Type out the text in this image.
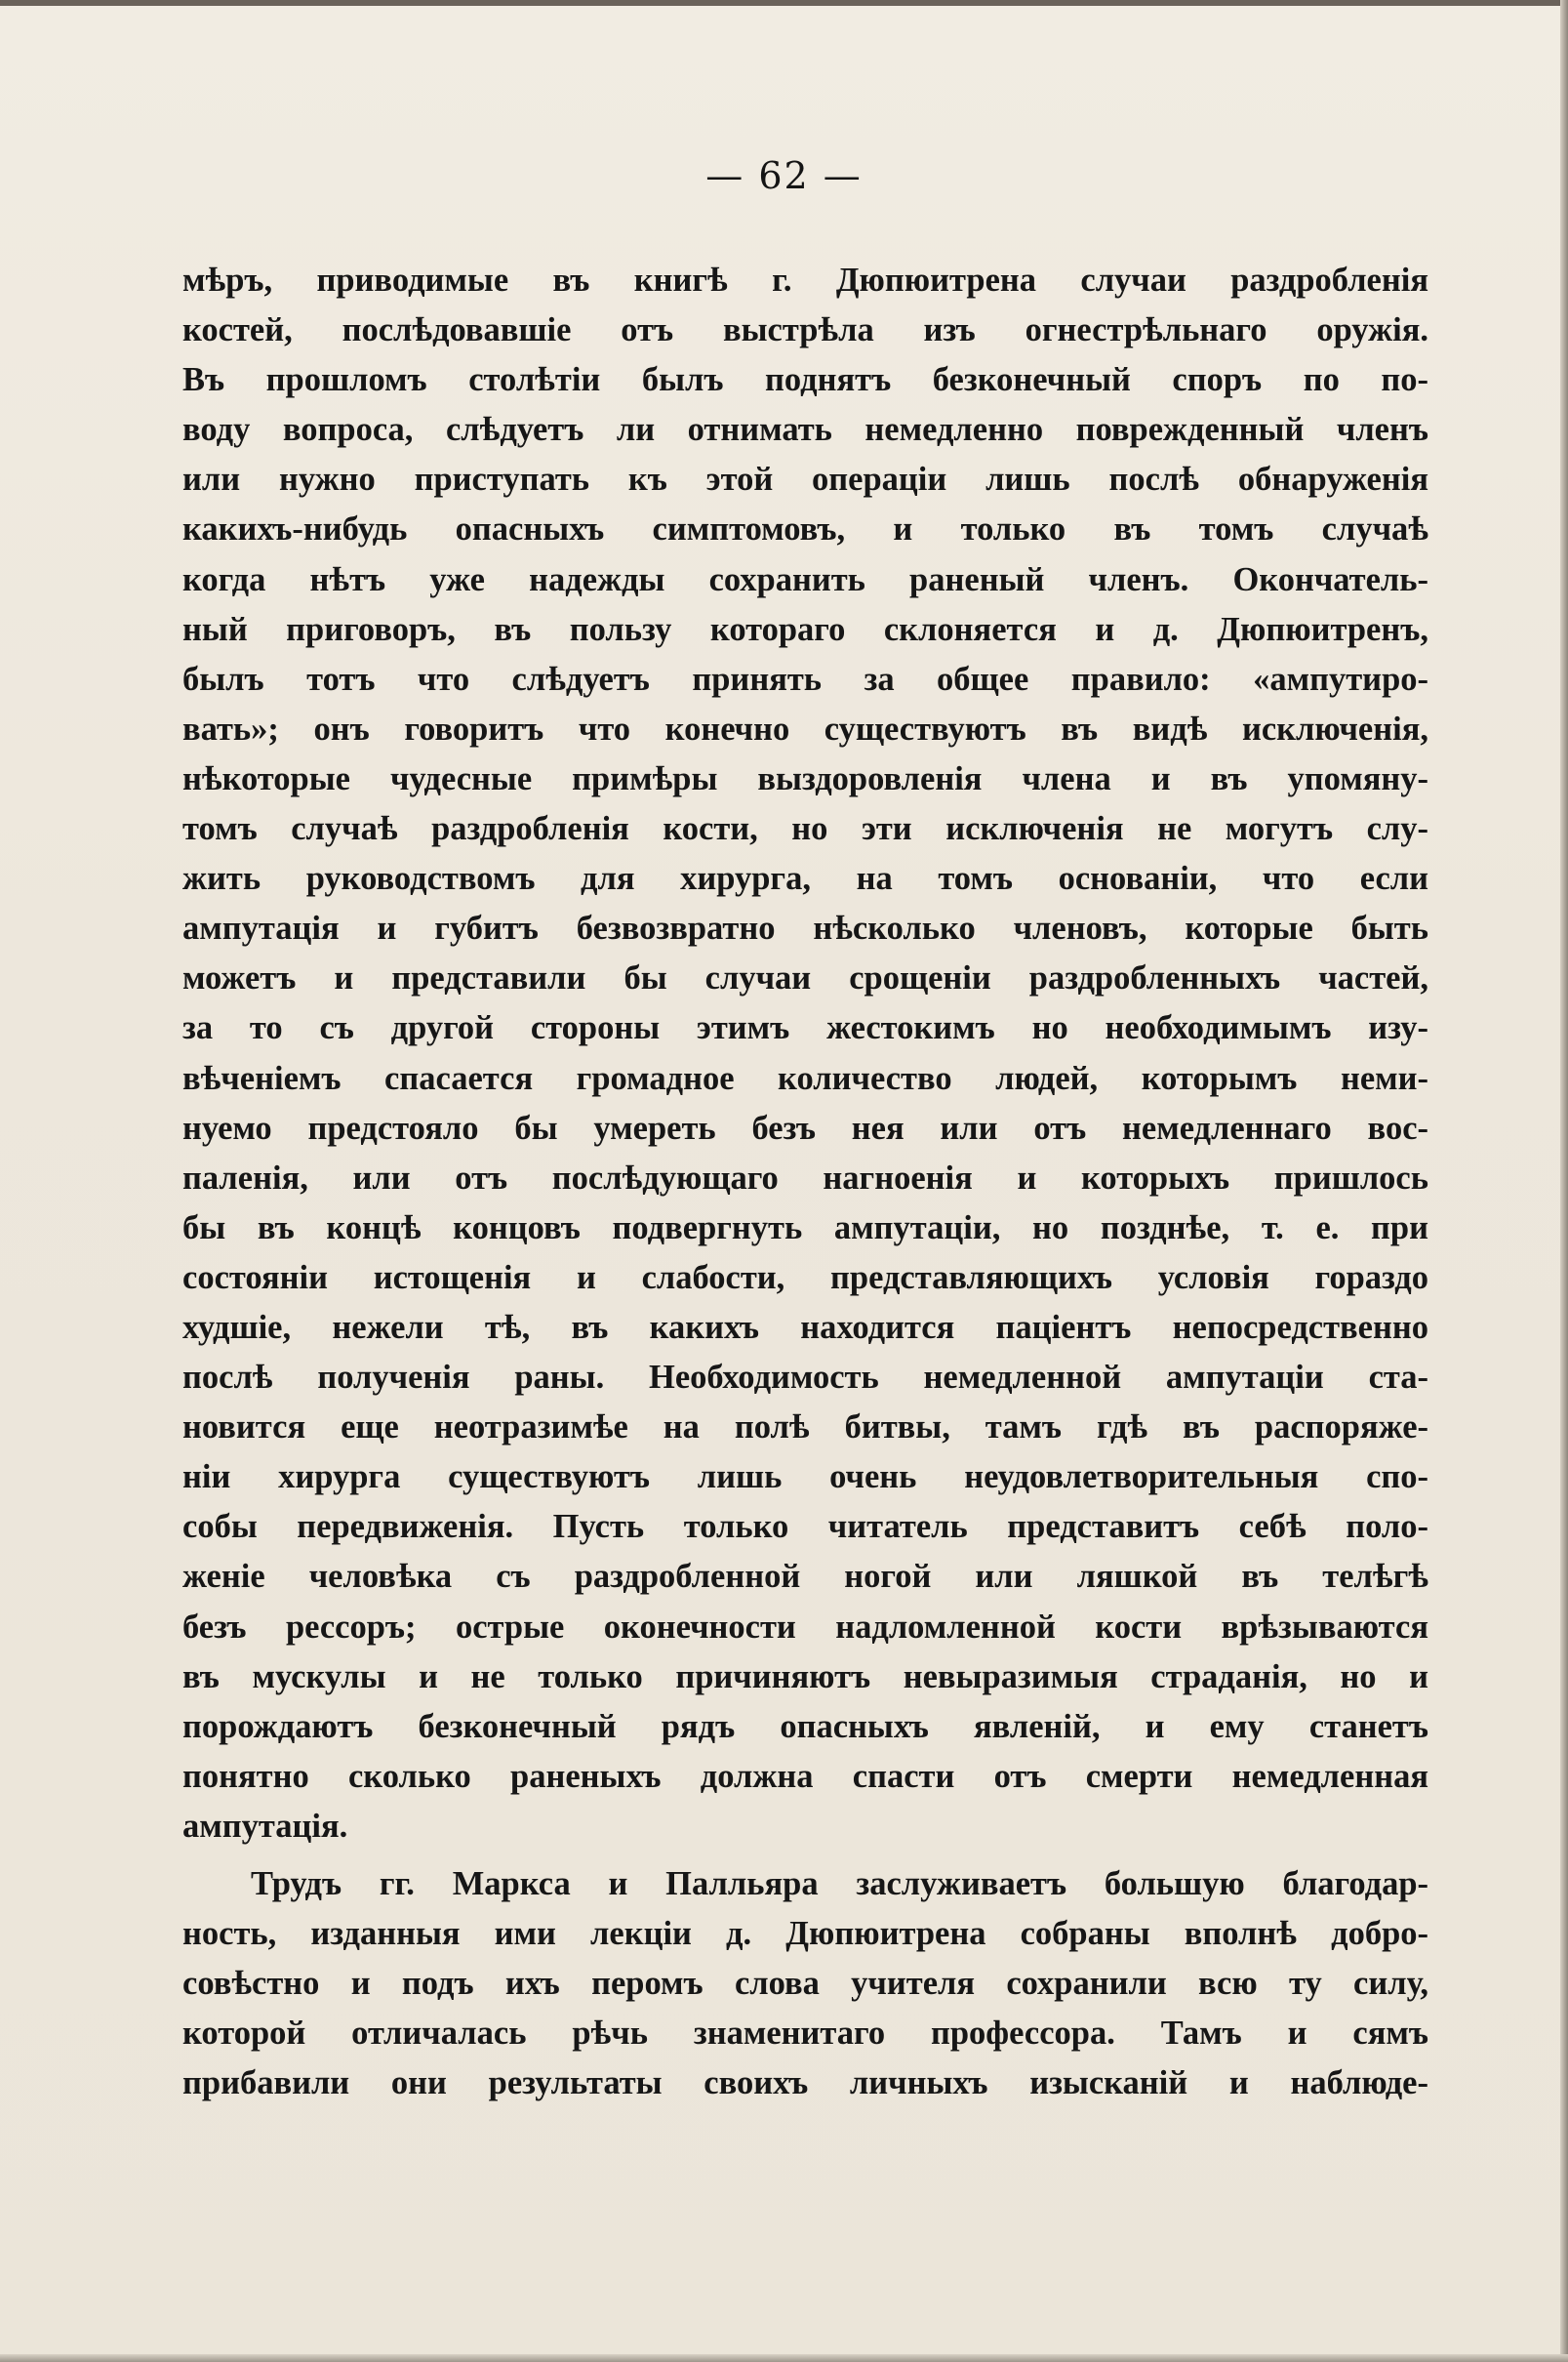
— 62 —
мѣръ, приводимые въ книгѣ г. Дюпюитрена случаи раздробленія
костей, послѣдовавшіе отъ выстрѣла изъ огнестрѣльнаго оружія.
Въ прошломъ столѣтіи былъ поднятъ безконечный споръ по по-
воду вопроса, слѣдуетъ ли отнимать немедленно поврежденный членъ
или нужно приступать къ этой операціи лишь послѣ обнаруженія
какихъ-нибудь опасныхъ симптомовъ, и только въ томъ случаѣ
когда нѣтъ уже надежды сохранить раненый членъ. Окончатель-
ный приговоръ, въ пользу котораго склоняется и д. Дюпюитренъ,
былъ тотъ что слѣдуетъ принять за общее правило: «ампутиро-
вать»; онъ говоритъ что конечно существуютъ въ видѣ исключенія,
нѣкоторые чудесные примѣры выздоровленія члена и въ упомяну-
томъ случаѣ раздробленія кости, но эти исключенія не могутъ слу-
жить руководствомъ для хирурга, на томъ основаніи, что если
ампутація и губитъ безвозвратно нѣсколько членовъ, которые быть
можетъ и представили бы случаи срощеніи раздробленныхъ частей,
за то съ другой стороны этимъ жестокимъ но необходимымъ изу-
вѣченіемъ спасается громадное количество людей, которымъ неми-
нуемо предстояло бы умереть безъ нея или отъ немедленнаго вос-
паленія, или отъ послѣдующаго нагноенія и которыхъ пришлось
бы въ концѣ концовъ подвергнуть ампутаціи, но позднѣе, т. е. при
состояніи истощенія и слабости, представляющихъ условія гораздо
худшіе, нежели тѣ, въ какихъ находится паціентъ непосредственно
послѣ полученія раны. Необходимость немедленной ампутаціи ста-
новится еще неотразимѣе на полѣ битвы, тамъ гдѣ въ распоряже-
ніи хирурга существуютъ лишь очень неудовлетворительныя спо-
собы передвиженія. Пусть только читатель представитъ себѣ поло-
женіе человѣка съ раздробленной ногой или ляшкой въ телѣгѣ
безъ рессоръ; острые оконечности надломленной кости врѣзываются
въ мускулы и не только причиняютъ невыразимыя страданія, но и
порождаютъ безконечный рядъ опасныхъ явленій, и ему станетъ
понятно сколько раненыхъ должна спасти отъ смерти немедленная
ампутація.
Трудъ гг. Маркса и Палльяра заслуживаетъ большую благодар-
ность, изданныя ими лекціи д. Дюпюитрена собраны вполнѣ добро-
совѣстно и подъ ихъ перомъ слова учителя сохранили всю ту силу,
которой отличалась рѣчь знаменитаго профессора. Тамъ и сямъ
прибавили они результаты своихъ личныхъ изысканій и наблюде-
